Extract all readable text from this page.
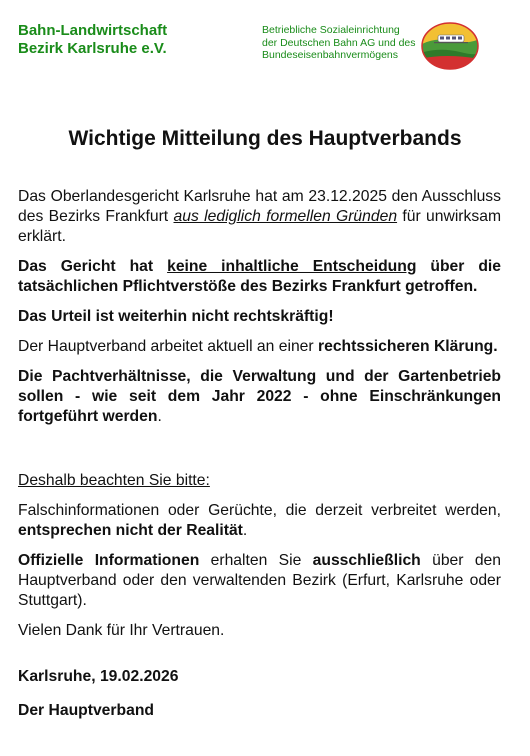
Bahn-Landwirtschaft
Bezirk Karlsruhe e.V.
Betriebliche Sozialeinrichtung
der Deutschen Bahn AG und des
Bundeseisenbahnvermögens
Wichtige Mitteilung des Hauptverbands

Das Oberlandesgericht Karlsruhe hat am 23.12.2025 den Ausschluss des Bezirks Frankfurt aus lediglich formellen Gründen für unwirksam erklärt.

Das Gericht hat keine inhaltliche Entscheidung über die tatsächlichen Pflichtverstöße des Bezirks Frankfurt getroffen.

Das Urteil ist weiterhin nicht rechtskräftig!

Der Hauptverband arbeitet aktuell an einer rechtssicheren Klärung.

Die Pachtverhältnisse, die Verwaltung und der Gartenbetrieb sollen - wie seit dem Jahr 2022 - ohne Einschränkungen fortgeführt werden.

Deshalb beachten Sie bitte:

Falschinformationen oder Gerüchte, die derzeit verbreitet werden, entsprechen nicht der Realität.

Offizielle Informationen erhalten Sie ausschließlich über den Hauptverband oder den verwaltenden Bezirk (Erfurt, Karlsruhe oder Stuttgart).

Vielen Dank für Ihr Vertrauen.

Karlsruhe, 19.02.2026

Der Hauptverband
